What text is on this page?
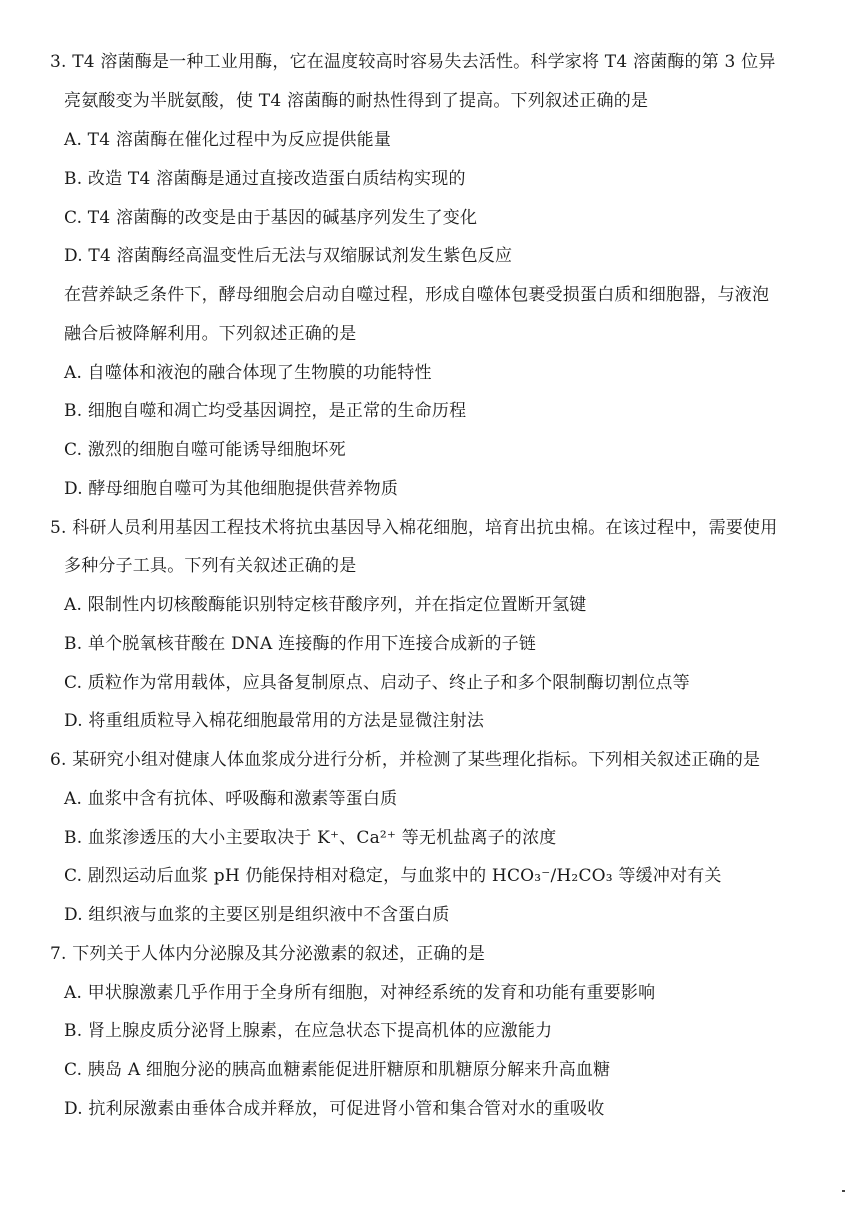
3. T4 溶菌酶是一种工业用酶，它在温度较高时容易失去活性。科学家将 T4 溶菌酶的第 3 位异
亮氨酸变为半胱氨酸，使 T4 溶菌酶的耐热性得到了提高。下列叙述正确的是
A. T4 溶菌酶在催化过程中为反应提供能量
B. 改造 T4 溶菌酶是通过直接改造蛋白质结构实现的
C. T4 溶菌酶的改变是由于基因的碱基序列发生了变化
D. T4 溶菌酶经高温变性后无法与双缩脲试剂发生紫色反应
在营养缺乏条件下，酵母细胞会启动自噬过程，形成自噬体包裹受损蛋白质和细胞器，与液泡
融合后被降解利用。下列叙述正确的是
A. 自噬体和液泡的融合体现了生物膜的功能特性
B. 细胞自噬和凋亡均受基因调控，是正常的生命历程
C. 激烈的细胞自噬可能诱导细胞坏死
D. 酵母细胞自噬可为其他细胞提供营养物质
5. 科研人员利用基因工程技术将抗虫基因导入棉花细胞，培育出抗虫棉。在该过程中，需要使用
多种分子工具。下列有关叙述正确的是
A. 限制性内切核酸酶能识别特定核苷酸序列，并在指定位置断开氢键
B. 单个脱氧核苷酸在 DNA 连接酶的作用下连接合成新的子链
C. 质粒作为常用载体，应具备复制原点、启动子、终止子和多个限制酶切割位点等
D. 将重组质粒导入棉花细胞最常用的方法是显微注射法
6. 某研究小组对健康人体血浆成分进行分析，并检测了某些理化指标。下列相关叙述正确的是
A. 血浆中含有抗体、呼吸酶和激素等蛋白质
B. 血浆渗透压的大小主要取决于 K⁺、Ca²⁺ 等无机盐离子的浓度
C. 剧烈运动后血浆 pH 仍能保持相对稳定，与血浆中的 HCO₃⁻/H₂CO₃ 等缓冲对有关
D. 组织液与血浆的主要区别是组织液中不含蛋白质
7. 下列关于人体内分泌腺及其分泌激素的叙述，正确的是
A. 甲状腺激素几乎作用于全身所有细胞，对神经系统的发育和功能有重要影响
B. 肾上腺皮质分泌肾上腺素，在应急状态下提高机体的应激能力
C. 胰岛 A 细胞分泌的胰高血糖素能促进肝糖原和肌糖原分解来升高血糖
D. 抗利尿激素由垂体合成并释放，可促进肾小管和集合管对水的重吸收
